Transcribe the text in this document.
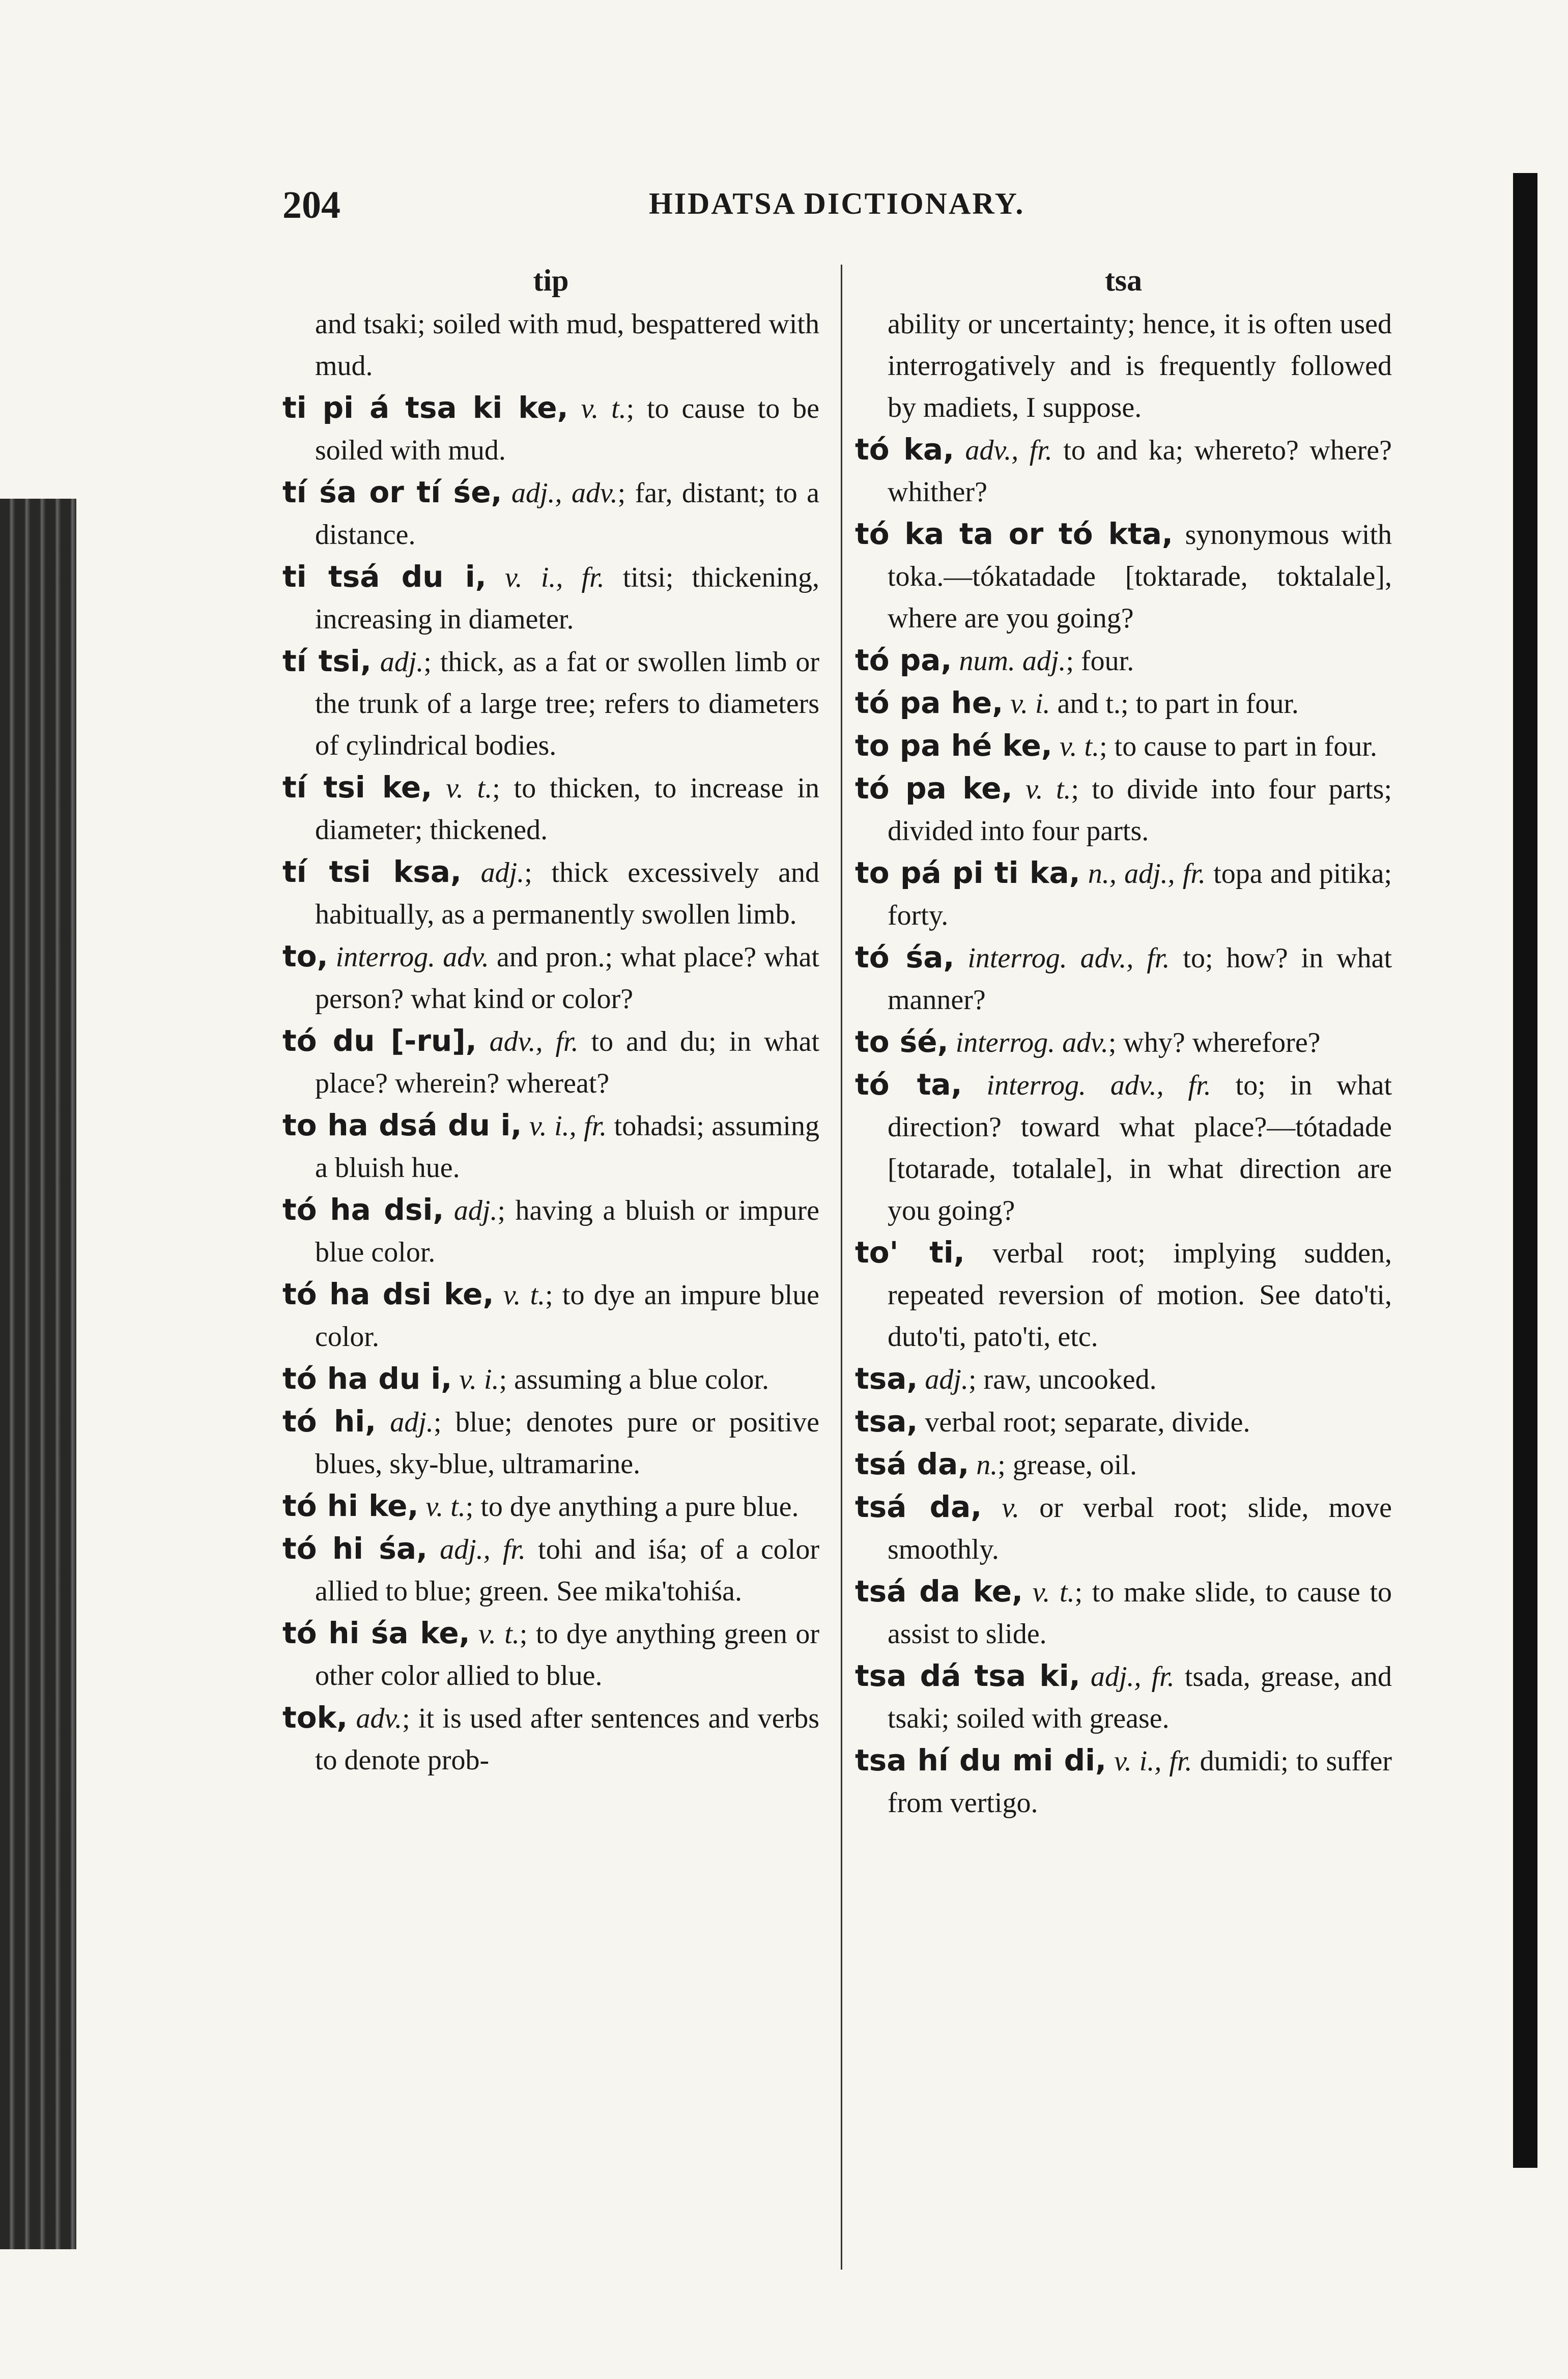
204	HIDATSA DICTIONARY.
tip
and tsaki; soiled with mud, bespattered with mud.
ti pi á tsa ki ke, v. t.; to cause to be soiled with mud.
tí śa or tí śe, adj., adv.; far, distant; to a distance.
ti tsá du i, v. i., fr. titsi; thickening, increasing in diameter.
tí tsi, adj.; thick, as a fat or swollen limb or the trunk of a large tree; refers to diameters of cylindrical bodies.
tí tsi ke, v. t.; to thicken, to increase in diameter; thickened.
tí tsi ksa, adj.; thick excessively and habitually, as a permanently swollen limb.
to, interrog. adv. and pron.; what place? what person? what kind or color?
tó du [-ru], adv., fr. to and du; in what place? wherein? whereat?
to ha dsá du i, v. i., fr. tohadsi; assuming a bluish hue.
tó ha dsi, adj.; having a bluish or impure blue color.
tó ha dsi ke, v. t.; to dye an impure blue color.
tó ha du i, v. i.; assuming a blue color.
tó hi, adj.; blue; denotes pure or positive blues, sky-blue, ultramarine.
tó hi ke, v. t.; to dye anything a pure blue.
tó hi śa, adj., fr. tohi and iśa; of a color allied to blue; green. See mika'tohiśa.
tó hi śa ke, v. t.; to dye anything green or other color allied to blue.
tok, adv.; it is used after sentences and verbs to denote prob-
tsa
ability or uncertainty; hence, it is often used interrogatively and is frequently followed by madiets, I suppose.
tó ka, adv., fr. to and ka; whereto? where? whither?
tó ka ta or tó kta, synonymous with toka.—tókatadade [toktarade, toktalale], where are you going?
tó pa, num. adj.; four.
tó pa he, v. i. and t.; to part in four.
to pa hé ke, v. t.; to cause to part in four.
tó pa ke, v. t.; to divide into four parts; divided into four parts.
to pá pi ti ka, n., adj., fr. topa and pitika; forty.
tó śa, interrog. adv., fr. to; how? in what manner?
to śé, interrog. adv.; why? wherefore?
tó ta, interrog. adv., fr. to; in what direction? toward what place?—tótadade [totarade, totalale], in what direction are you going?
to' ti, verbal root; implying sudden, repeated reversion of motion. See dato'ti, duto'ti, pato'ti, etc.
tsa, adj.; raw, uncooked.
tsa, verbal root; separate, divide.
tsá da, n.; grease, oil.
tsá da, v. or verbal root; slide, move smoothly.
tsá da ke, v. t.; to make slide, to cause to assist to slide.
tsa dá tsa ki, adj., fr. tsada, grease, and tsaki; soiled with grease.
tsa hí du mi di, v. i., fr. dumidi; to suffer from vertigo.
